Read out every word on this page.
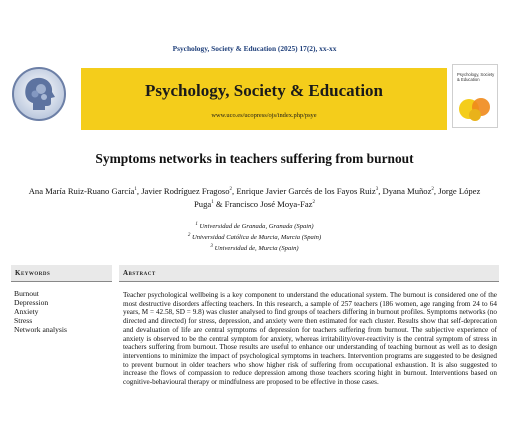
Psychology, Society & Education (2025) 17(2), xx-xx
Psychology, Society & Education
www.uco.es/ucopress/ojs/index.php/psye
Psychology, Society & Education
Symptoms networks in teachers suffering from burnout
Ana María Ruiz-Ruano García$^1$, Javier Rodríguez Fragoso$^2$, Enrique Javier Garcés de los Fayos Ruiz$^3$, Dyana Muñoz$^2$, Jorge López Puga$^1$ & Francisco José Moya-Faz$^2$
$^1$ Universidad de Granada, Granada (Spain)
$^2$ Universidad Católica de Murcia, Murcia (Spain)
$^3$ Universidad de, Murcia (Spain)
Keywords
Burnout
Depression
Anxiety
Stress
Network analysis
Abstract
Teacher psychological wellbeing is a key component to understand the educational system. The burnout is considered one of the most destructive disorders affecting teachers. In this research, a sample of 257 teachers (186 women, age ranging from 24 to 64 years, M = 42.58, SD = 9.8) was cluster analysed to find groups of teachers differing in burnout profiles. Symptoms networks (no directed and directed) for stress, depression, and anxiety were then estimated for each cluster. Results show that self-deprecation and devaluation of life are central symptoms of depression for teachers suffering from burnout. The subjective experience of anxiety is observed to be the central symptom for anxiety, whereas irritability/over-reactivity is the central symptom of stress in teachers suffering from burnout. Those results are useful to enhance our understanding of teaching burnout as well as to design interventions to minimize the impact of psychological symptoms in teachers. Intervention programs are suggested to be designed to prevent burnout in older teachers who show higher risk of suffering from occupational exhaustion. It is also suggested to increase the flows of compassion to reduce depression among those teachers scoring hight in burnout. Interventions based on cognitive-behavioural therapy or mindfulness are proposed to be effective in those cases.
